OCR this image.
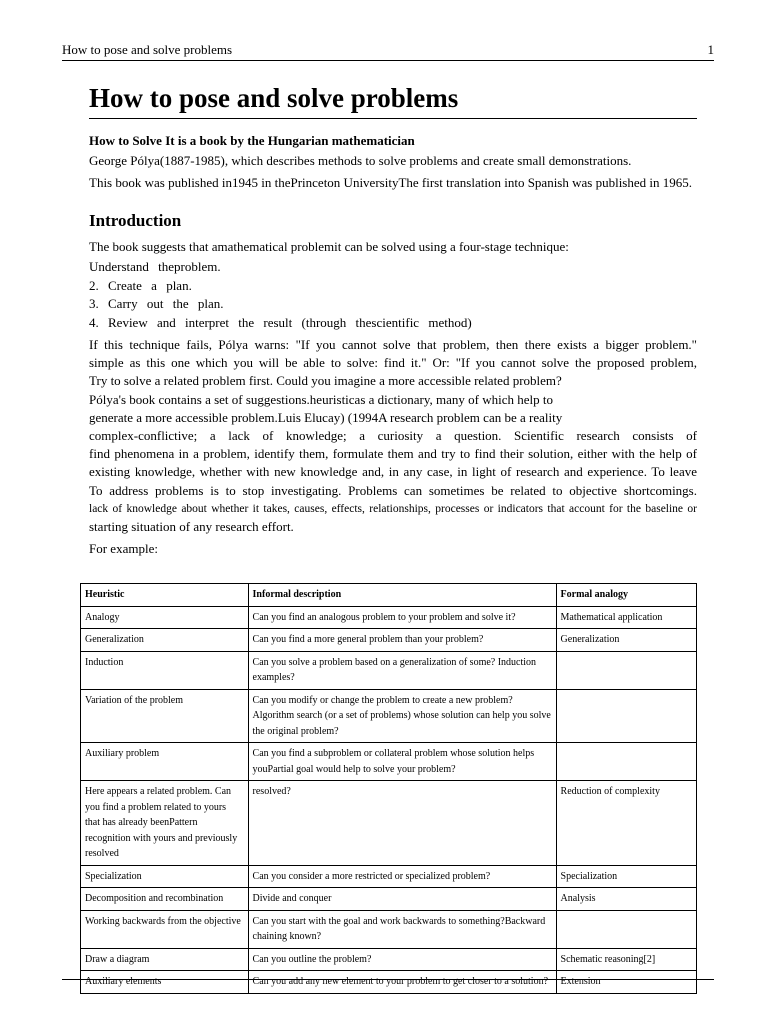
How to pose and solve problems	1
How to pose and solve problems
How to Solve It is a book by the Hungarian mathematician

George Pólya(1887-1985), which describes methods to solve problems and create small demonstrations.

This book was published in1945 in thePrinceton UniversityThe first translation into Spanish was published in 1965.

Introduction

The book suggests that amathematical problemit can be solved using a four-stage technique:

Understand theproblem.
2. Create a plan.
3. Carry out the plan.
4. Review and interpret the result (through thescientific method)
If this technique fails, Pólya warns: "If you cannot solve that problem, then there exists a bigger problem."
simple as this one which you will be able to solve: find it." Or: "If you cannot solve the proposed problem,
Try to solve a related problem first. Could you imagine a more accessible related problem?
Pólya's book contains a set of suggestions.heuristicas a dictionary, many of which help to
generate a more accessible problem.Luis Elucay) (1994A research problem can be a reality
complex-conflictive; a lack of knowledge; a curiosity a question. Scientific research consists of
find phenomena in a problem, identify them, formulate them and try to find their solution, either with the help of
existing knowledge, whether with new knowledge and, in any case, in light of research and experience. To leave
To address problems is to stop investigating. Problems can sometimes be related to objective shortcomings.
lack of knowledge about whether it takes, causes, effects, relationships, processes or indicators that account for the baseline or
starting situation of any research effort.
For example:
Heuristic	Informal description	Formal analogy
Analogy	Can you find an analogous problem to your problem and solve it?	Mathematical application
Generalization	Can you find a more general problem than your problem?	Generalization
Induction	Can you solve a problem based on a generalization of some? Induction examples?	
Variation of the problem	Can you modify or change the problem to create a new problem?Algorithm search (or a set of problems) whose solution can help you solve the original problem?	
Auxiliary problem	Can you find a subproblem or collateral problem whose solution helps youPartial goal would help to solve your problem?	
Here appears a related problem. Can you find a problem related to yours that has already beenPattern recognition with yours and previously resolved	resolved?	Reduction of complexity
Specialization	Can you consider a more restricted or specialized problem?	Specialization
Decomposition and recombination	Divide and conquer	Analysis
Working backwards from the objective	Can you start with the goal and work backwards to something?Backward chaining known?	
Draw a diagram	Can you outline the problem?	Schematic reasoning[2]
Auxiliary elements	Can you add any new element to your problem to get closer to a solution?	Extension
